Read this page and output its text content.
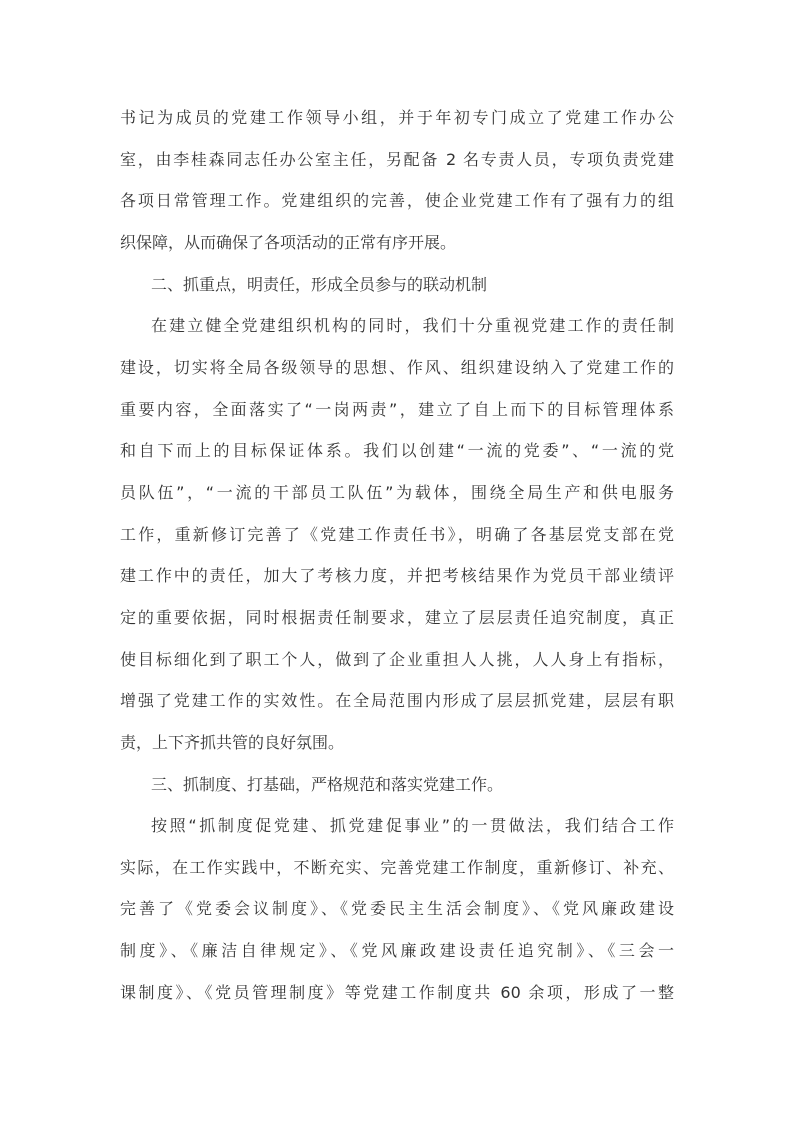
书记为成员的党建工作领导小组，并于年初专门成立了党建工作办公
室，由李桂森同志任办公室主任，另配备 2 名专责人员，专项负责党建
各项日常管理工作。党建组织的完善，使企业党建工作有了强有力的组
织保障，从而确保了各项活动的正常有序开展。
二、抓重点，明责任，形成全员参与的联动机制
在建立健全党建组织机构的同时，我们十分重视党建工作的责任制
建设，切实将全局各级领导的思想、作风、组织建设纳入了党建工作的
重要内容，全面落实了“一岗两责”，建立了自上而下的目标管理体系
和自下而上的目标保证体系。我们以创建“一流的党委”、“一流的党
员队伍”，“一流的干部员工队伍”为载体，围绕全局生产和供电服务
工作，重新修订完善了《党建工作责任书》，明确了各基层党支部在党
建工作中的责任，加大了考核力度，并把考核结果作为党员干部业绩评
定的重要依据，同时根据责任制要求，建立了层层责任追究制度，真正
使目标细化到了职工个人，做到了企业重担人人挑，人人身上有指标，
增强了党建工作的实效性。在全局范围内形成了层层抓党建，层层有职
责，上下齐抓共管的良好氛围。
三、抓制度、打基础，严格规范和落实党建工作。
按照“抓制度促党建、抓党建促事业”的一贯做法，我们结合工作
实际，在工作实践中，不断充实、完善党建工作制度，重新修订、补充、
完善了《党委会议制度》、《党委民主生活会制度》、《党风廉政建设
制度》、《廉洁自律规定》、《党风廉政建设责任追究制》、《三会一
课制度》、《党员管理制度》等党建工作制度共 60 余项，形成了一整
